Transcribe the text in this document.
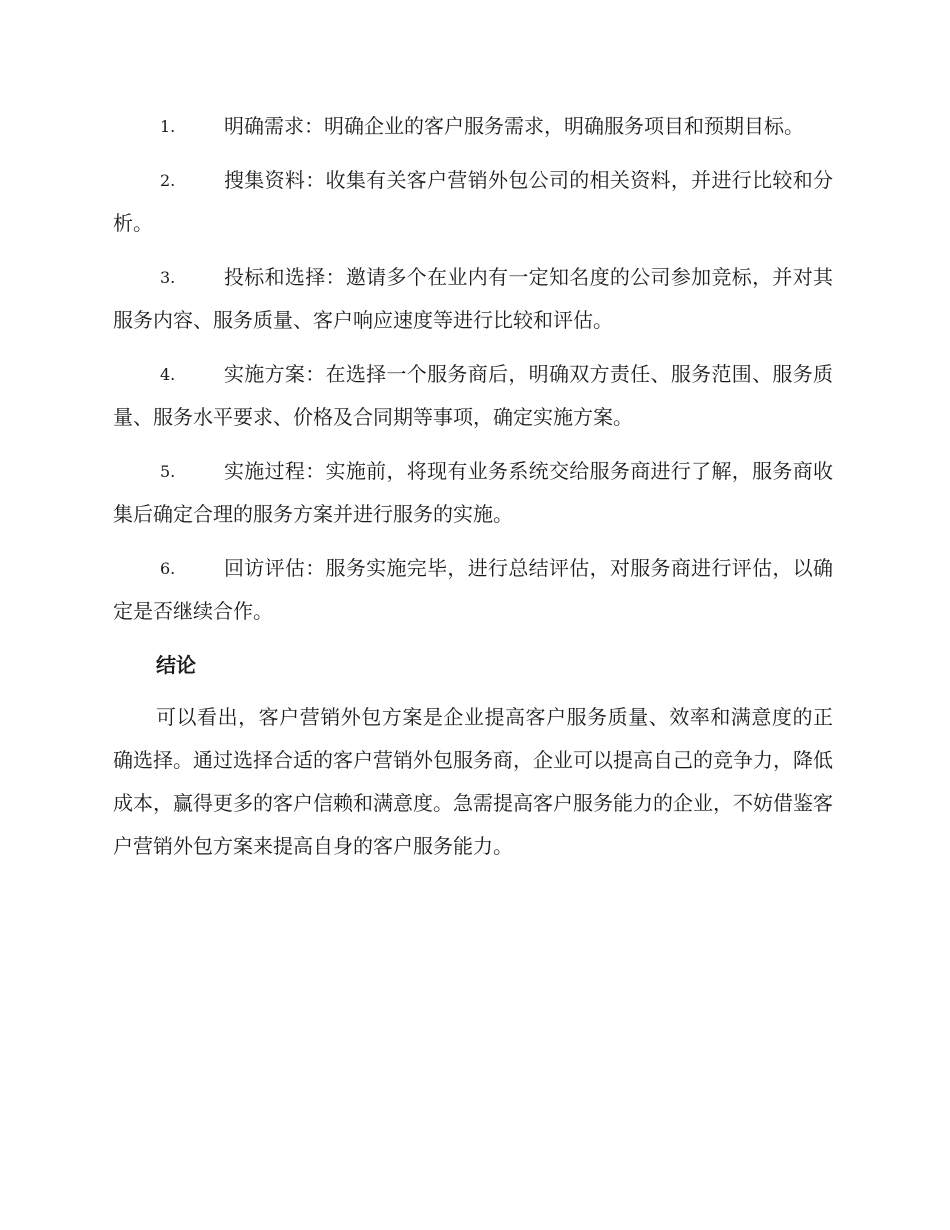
1. 明确需求：明确企业的客户服务需求，明确服务项目和预期目标。
2. 搜集资料：收集有关客户营销外包公司的相关资料，并进行比较和分析。
3. 投标和选择：邀请多个在业内有一定知名度的公司参加竞标，并对其服务内容、服务质量、客户响应速度等进行比较和评估。
4. 实施方案：在选择一个服务商后，明确双方责任、服务范围、服务质量、服务水平要求、价格及合同期等事项，确定实施方案。
5. 实施过程：实施前，将现有业务系统交给服务商进行了解，服务商收集后确定合理的服务方案并进行服务的实施。
6. 回访评估：服务实施完毕，进行总结评估，对服务商进行评估，以确定是否继续合作。
结论

可以看出，客户营销外包方案是企业提高客户服务质量、效率和满意度的正确选择。通过选择合适的客户营销外包服务商，企业可以提高自己的竞争力，降低成本，赢得更多的客户信赖和满意度。急需提高客户服务能力的企业，不妨借鉴客户营销外包方案来提高自身的客户服务能力。
